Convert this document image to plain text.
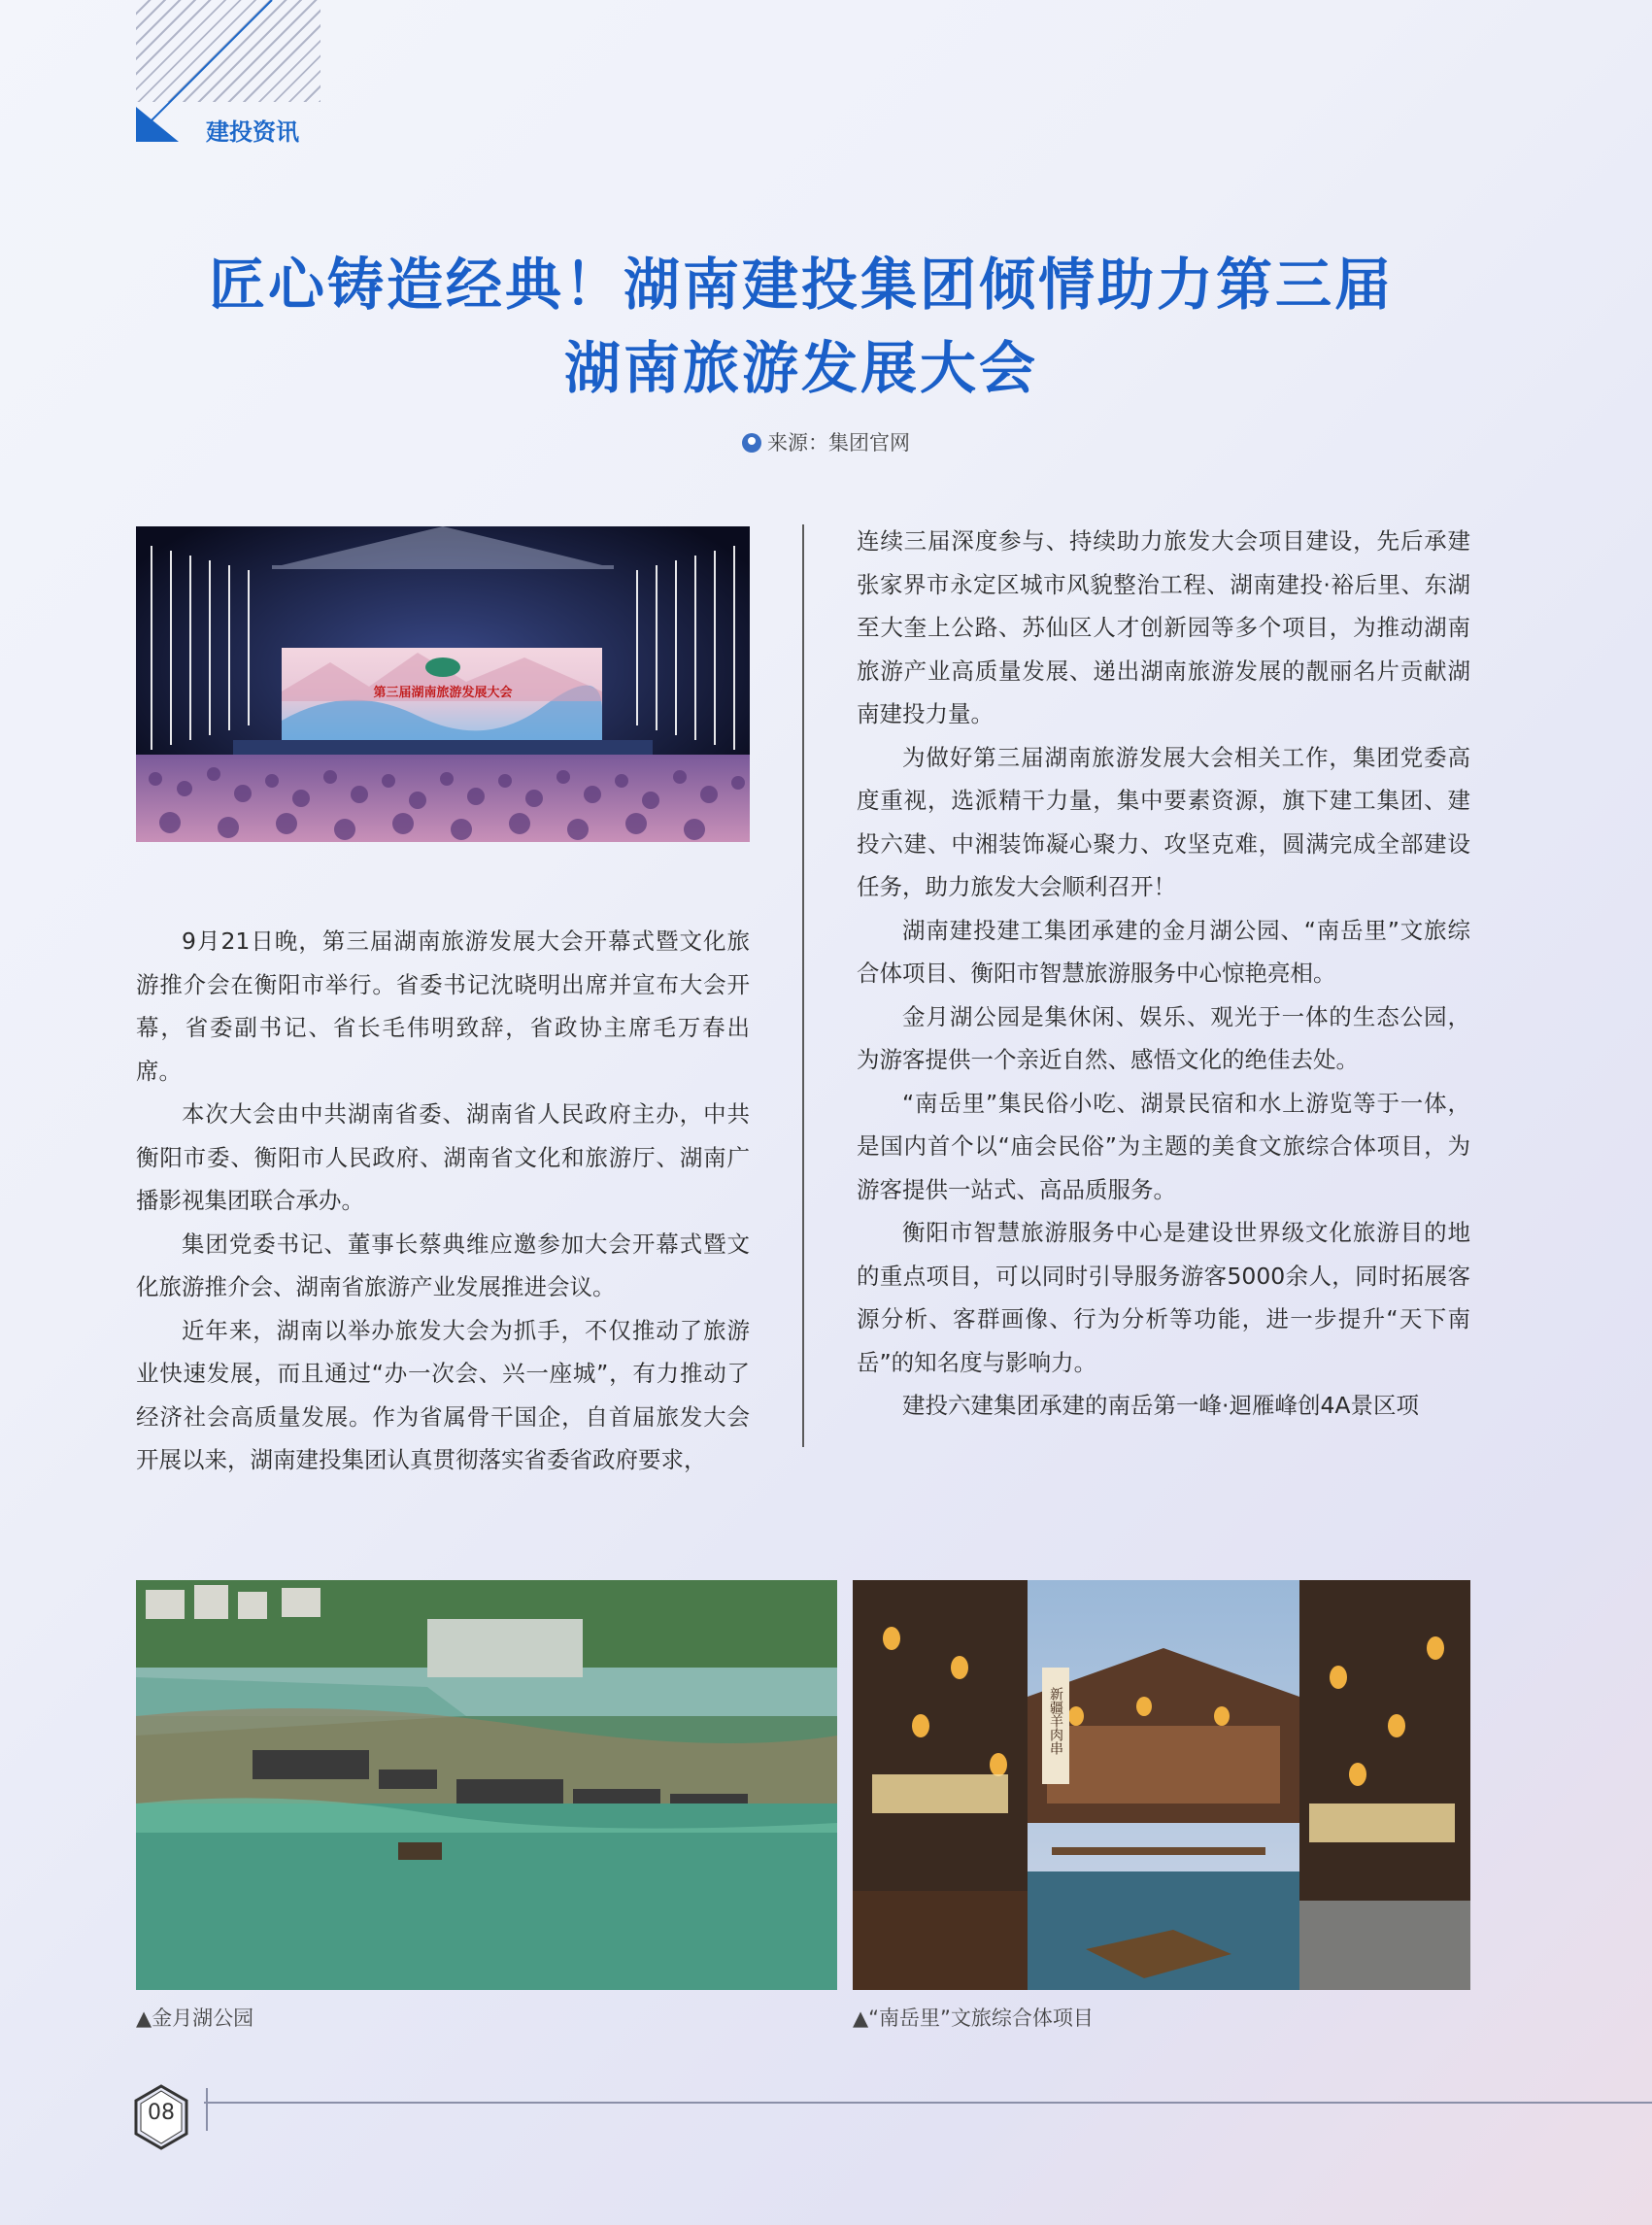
建投资讯
匠心铸造经典！湖南建投集团倾情助力第三届
湖南旅游发展大会
来源：集团官网
第三届湖南旅游发展大会

9月21日晚，第三届湖南旅游发展大会开幕式暨文化旅游推介会在衡阳市举行。省委书记沈晓明出席并宣布大会开幕，省委副书记、省长毛伟明致辞，省政协主席毛万春出席。

本次大会由中共湖南省委、湖南省人民政府主办，中共衡阳市委、衡阳市人民政府、湖南省文化和旅游厅、湖南广播影视集团联合承办。

集团党委书记、董事长蔡典维应邀参加大会开幕式暨文化旅游推介会、湖南省旅游产业发展推进会议。

近年来，湖南以举办旅发大会为抓手，不仅推动了旅游业快速发展，而且通过“办一次会、兴一座城”，有力推动了经济社会高质量发展。作为省属骨干国企，自首届旅发大会开展以来，湖南建投集团认真贯彻落实省委省政府要求，

连续三届深度参与、持续助力旅发大会项目建设，先后承建张家界市永定区城市风貌整治工程、湖南建投·裕后里、东湖至大奎上公路、苏仙区人才创新园等多个项目，为推动湖南旅游产业高质量发展、递出湖南旅游发展的靓丽名片贡献湖南建投力量。

为做好第三届湖南旅游发展大会相关工作，集团党委高度重视，选派精干力量，集中要素资源，旗下建工集团、建投六建、中湘装饰凝心聚力、攻坚克难，圆满完成全部建设任务，助力旅发大会顺利召开！

湖南建投建工集团承建的金月湖公园、“南岳里”文旅综合体项目、衡阳市智慧旅游服务中心惊艳亮相。

金月湖公园是集休闲、娱乐、观光于一体的生态公园，为游客提供一个亲近自然、感悟文化的绝佳去处。

“南岳里”集民俗小吃、湖景民宿和水上游览等于一体，是国内首个以“庙会民俗”为主题的美食文旅综合体项目，为游客提供一站式、高品质服务。

衡阳市智慧旅游服务中心是建设世界级文化旅游目的地的重点项目，可以同时引导服务游客5000余人，同时拓展客源分析、客群画像、行为分析等功能，进一步提升“天下南岳”的知名度与影响力。

建投六建集团承建的南岳第一峰·迴雁峰创4A景区项

新疆羊肉串
▲金月湖公园	▲“南岳里”文旅综合体项目
08
